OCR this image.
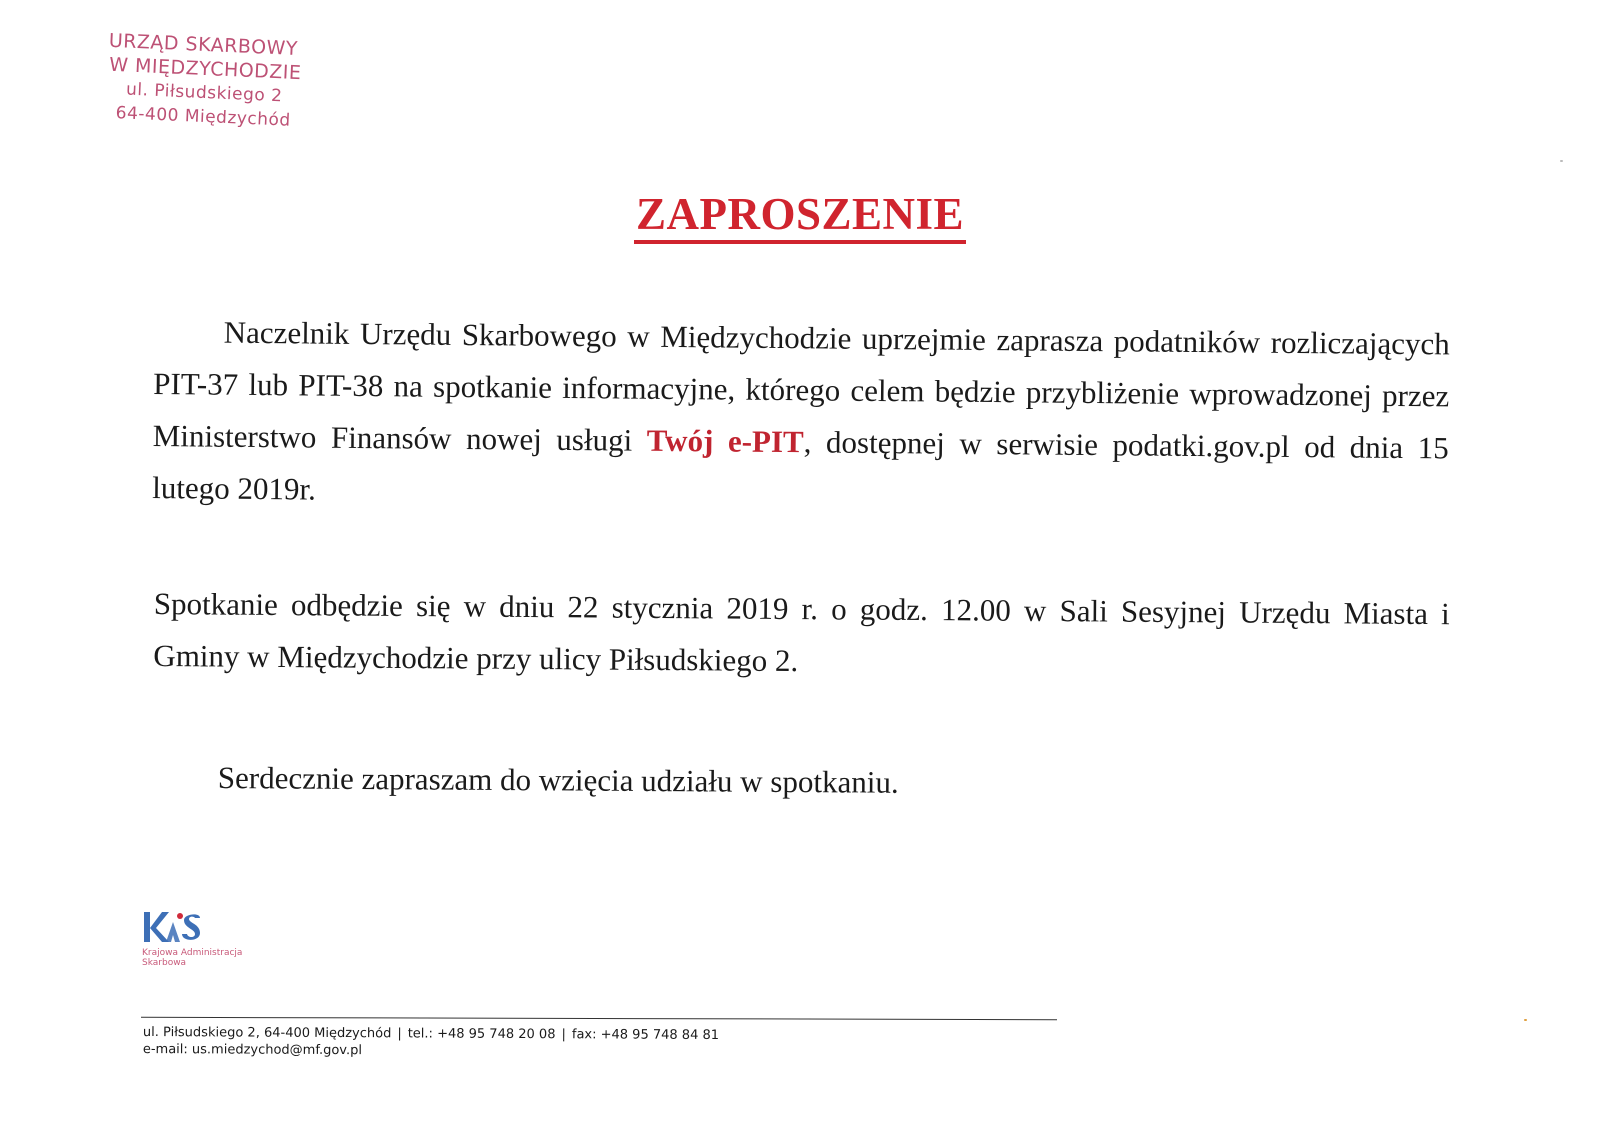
URZĄD SKARBOWY
W MIĘDZYCHODZIE
ul. Piłsudskiego 2
64-400 Międzychód
ZAPROSZENIE
Naczelnik Urzędu Skarbowego w Międzychodzie uprzejmie zaprasza podatników rozliczających PIT-37 lub PIT-38 na spotkanie informacyjne, którego celem będzie przybliżenie wprowadzonej przez Ministerstwo Finansów nowej usługi Twój e-PIT, dostępnej w serwisie podatki.gov.pl od dnia 15 lutego 2019r.
Spotkanie odbędzie się w dniu 22 stycznia 2019 r. o godz. 12.00 w Sali Sesyjnej Urzędu Miasta i Gminy w Międzychodzie przy ulicy Piłsudskiego 2.
Serdecznie zapraszam do wzięcia udziału w spotkaniu.
Krajowa Administracja
Skarbowa
ul. Piłsudskiego 2, 64-400 Międzychód | tel.: +48 95 748 20 08 | fax: +48 95 748 84 81
e-mail: us.miedzychod@mf.gov.pl
